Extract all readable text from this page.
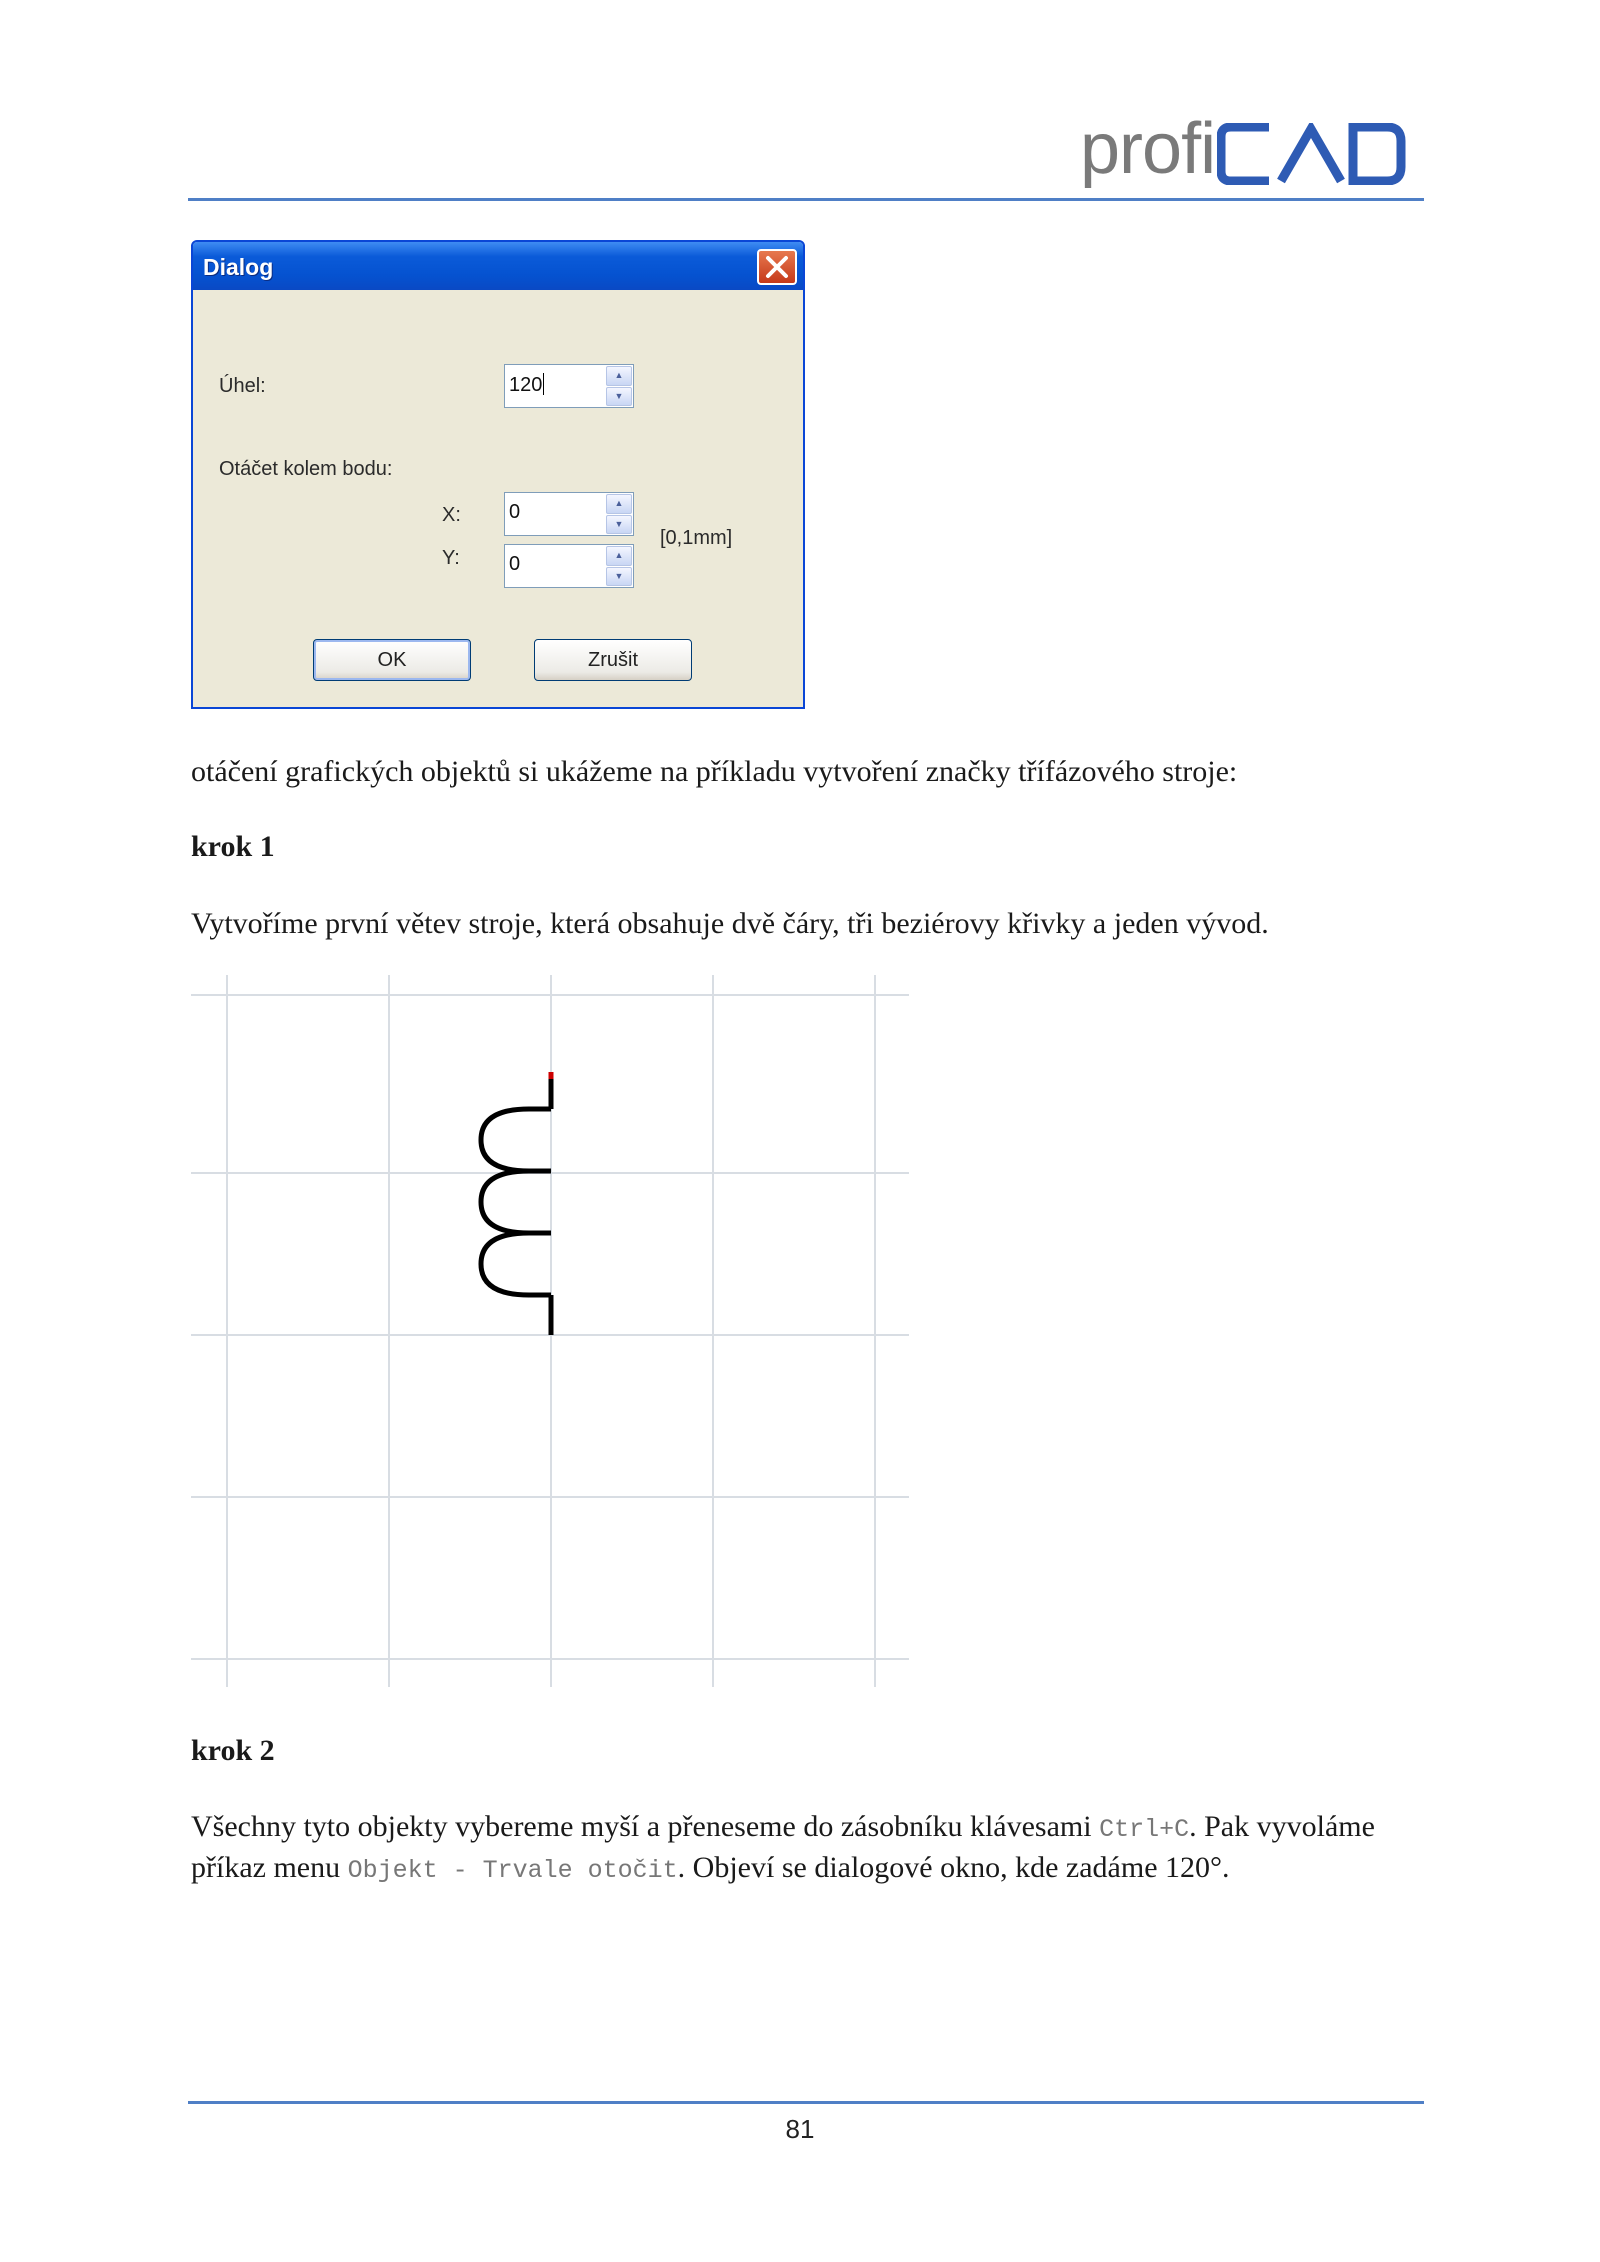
profi
Dialog
Úhel:	120	▲
▼
Otáčet kolem bodu:
X: 0	▲
▼
Y: 0	▲
▼
[0,1mm]
OK	Zrušit
otáčení grafických objektů si ukážeme na příkladu vytvoření značky třífázového stroje:
krok 1
Vytvoříme první větev stroje, která obsahuje dvě čáry, tři beziérovy křivky a jeden vývod.
krok 2
Všechny tyto objekty vybereme myší a přeneseme do zásobníku klávesami Ctrl+C. Pak vyvoláme příkaz menu Objekt - Trvale otočit. Objeví se dialogové okno, kde zadáme 120°.
81
